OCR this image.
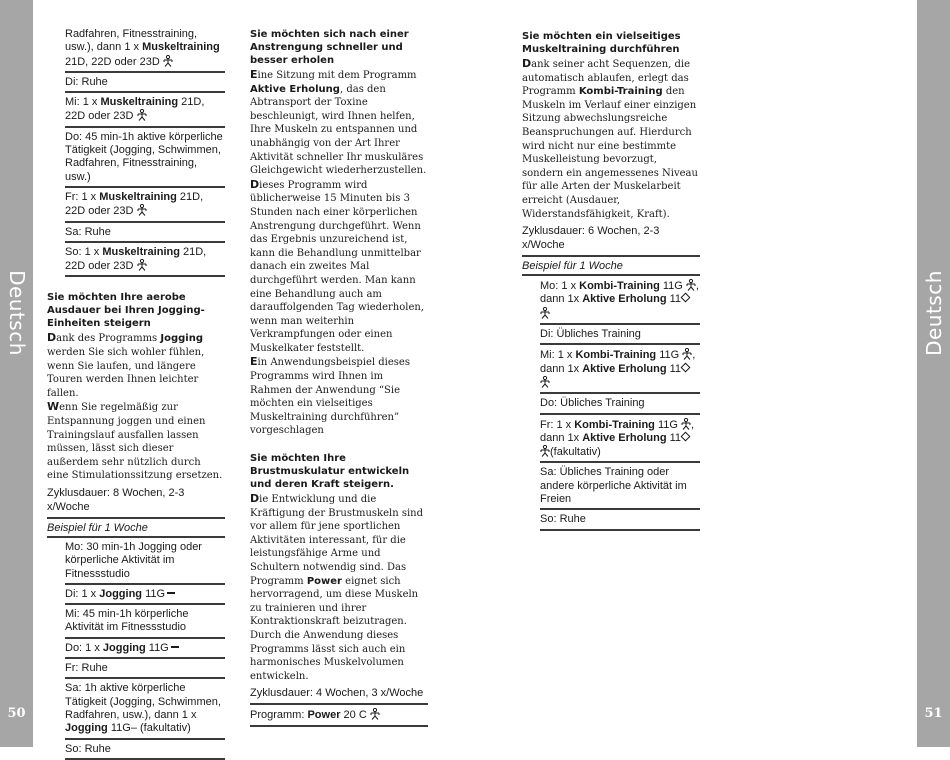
Deutsch
50
Deutsch
51
Radfahren, Fitnesstraining, usw.), dann 1 x Muskeltraining 21D, 22D oder 23D
Di: Ruhe
Mi: 1 x Muskeltraining 21D, 22D oder 23D
Do: 45 min-1h aktive körperliche Tätigkeit (Jogging, Schwimmen, Radfahren, Fitnesstraining, usw.)
Fr: 1 x Muskeltraining 21D, 22D oder 23D
Sa: Ruhe
So: 1 x Muskeltraining 21D, 22D oder 23D
Sie möchten Ihre aerobe Ausdauer bei Ihren Jogging-Einheiten steigern

Dank des Programms Jogging werden Sie sich wohler fühlen, wenn Sie laufen, und längere Touren werden Ihnen leichter fallen.

Wenn Sie regelmäßig zur Entspannung joggen und einen Trainingslauf ausfallen lassen müssen, lässt sich dieser außerdem sehr nützlich durch eine Stimulationssitzung ersetzen.

Zyklusdauer: 8 Wochen, 2-3 x/Woche
Beispiel für 1 Woche
Mo: 30 min-1h Jogging oder körperliche Aktivität im Fitnessstudio
Di: 1 x Jogging 11G
Mi: 45 min-1h körperliche Aktivität im Fitnessstudio
Do: 1 x Jogging 11G
Fr: Ruhe
Sa: 1h aktive körperliche Tätigkeit (Jogging, Schwimmen, Radfahren, usw.), dann 1 x Jogging 11G– (fakultativ)
So: Ruhe
Sie möchten sich nach einer Anstrengung schneller und besser erholen

Eine Sitzung mit dem Programm Aktive Erholung, das den Abtransport der Toxine beschleunigt, wird Ihnen helfen, Ihre Muskeln zu entspannen und unabhängig von der Art Ihrer Aktivität schneller Ihr muskuläres Gleichgewicht wiederherzustellen.

Dieses Programm wird üblicherweise 15 Minuten bis 3 Stunden nach einer körperlichen Anstrengung durchgeführt. Wenn das Ergebnis unzureichend ist, kann die Behandlung unmittelbar danach ein zweites Mal durchgeführt werden. Man kann eine Behandlung auch am darauffolgenden Tag wiederholen, wenn man weiterhin Verkrampfungen oder einen Muskelkater feststellt.

Ein Anwendungsbeispiel dieses Programms wird Ihnen im Rahmen der Anwendung “Sie möchten ein vielseitiges Muskeltraining durchführen” vorgeschlagen

Sie möchten Ihre Brustmuskulatur entwickeln und deren Kraft steigern.

Die Entwicklung und die Kräftigung der Brustmuskeln sind vor allem für jene sportlichen Aktivitäten interessant, für die leistungsfähige Arme und Schultern notwendig sind. Das Programm Power eignet sich hervorragend, um diese Muskeln zu trainieren und ihrer Kontraktionskraft beizutragen. Durch die Anwendung dieses Programms lässt sich auch ein harmonisches Muskelvolumen entwickeln.

Zyklusdauer: 4 Wochen, 3 x/Woche
Programm: Power 20 C
Sie möchten ein vielseitiges Muskeltraining durchführen

Dank seiner acht Sequenzen, die automatisch ablaufen, erlegt das Programm Kombi-Training den Muskeln im Verlauf einer einzigen Sitzung abwechslungsreiche Beanspruchungen auf. Hierdurch wird nicht nur eine bestimmte Muskelleistung bevorzugt, sondern ein angemessenes Niveau für alle Arten der Muskelarbeit erreicht (Ausdauer, Widerstandsfähigkeit, Kraft).

Zyklusdauer: 6 Wochen, 2-3 x/Woche
Beispiel für 1 Woche
Mo: 1 x Kombi-Training 11G , dann 1x Aktive Erholung 11
Di: Übliches Training
Mi: 1 x Kombi-Training 11G , dann 1x Aktive Erholung 11
Do: Übliches Training
Fr: 1 x Kombi-Training 11G , dann 1x Aktive Erholung 11

(fakultativ)
Sa: Übliches Training oder andere körperliche Aktivität im Freien
So: Ruhe
